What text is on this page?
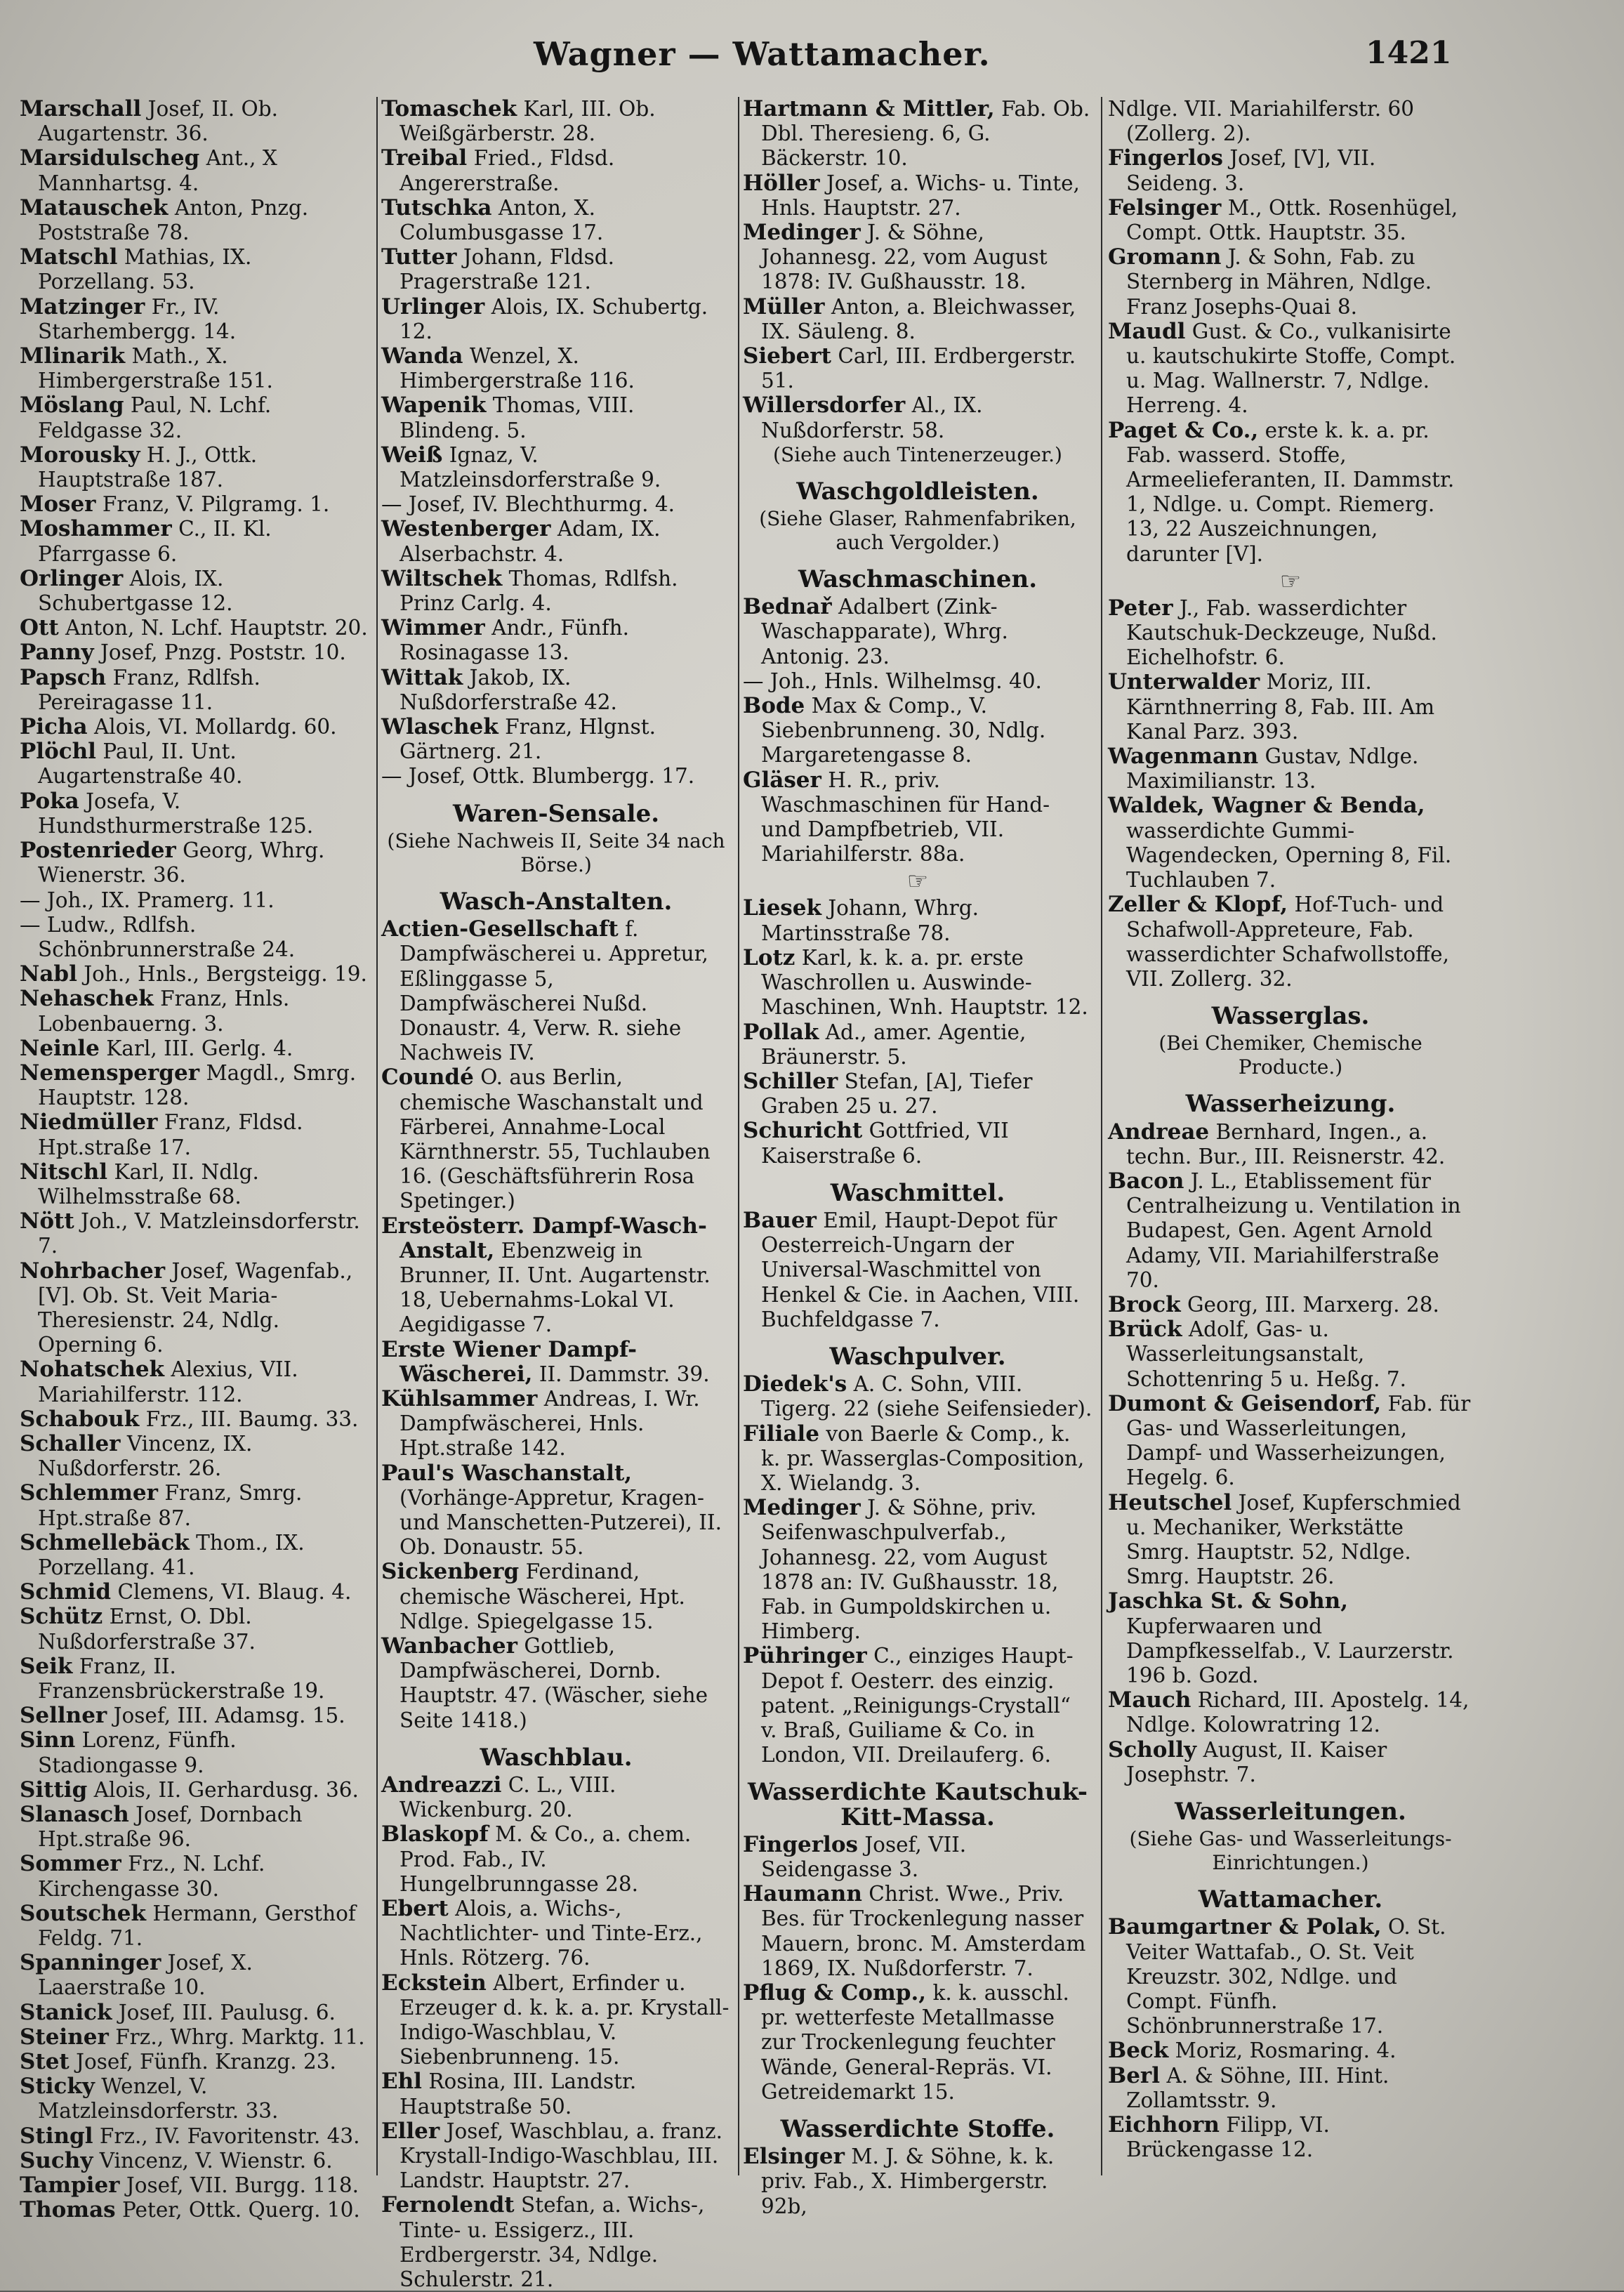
Wagner — Wattamacher.	1421
Marschall Josef, II. Ob. Augartenstr. 36.
Marsidulscheg Ant., X Mannhartsg. 4.
Matauschek Anton, Pnzg. Poststraße 78.
Matschl Mathias, IX. Porzellang. 53.
Matzinger Fr., IV. Starhembergg. 14.
Mlinarik Math., X. Himbergerstraße 151.
Möslang Paul, N. Lchf. Feldgasse 32.
Morousky H. J., Ottk. Hauptstraße 187.
Moser Franz, V. Pilgramg. 1.
Moshammer C., II. Kl. Pfarrgasse 6.
Orlinger Alois, IX. Schubertgasse 12.
Ott Anton, N. Lchf. Hauptstr. 20.
Panny Josef, Pnzg. Poststr. 10.
Papsch Franz, Rdlfsh. Pereiragasse 11.
Picha Alois, VI. Mollardg. 60.
Plöchl Paul, II. Unt. Augartenstraße 40.
Poka Josefa, V. Hundsthurmerstraße 125.
Postenrieder Georg, Whrg. Wienerstr. 36.
— Joh., IX. Pramerg. 11.
— Ludw., Rdlfsh. Schönbrunnerstraße 24.
Nabl Joh., Hnls., Bergsteigg. 19.
Nehaschek Franz, Hnls. Lobenbauerng. 3.
Neinle Karl, III. Gerlg. 4.
Nemensperger Magdl., Smrg. Hauptstr. 128.
Niedmüller Franz, Fldsd. Hpt.straße 17.
Nitschl Karl, II. Ndlg. Wilhelmsstraße 68.
Nött Joh., V. Matzleinsdorferstr. 7.
Nohrbacher Josef, Wagenfab., [V]. Ob. St. Veit Maria-Theresienstr. 24, Ndlg. Operning 6.
Nohatschek Alexius, VII. Mariahilferstr. 112.
Schabouk Frz., III. Baumg. 33.
Schaller Vincenz, IX. Nußdorferstr. 26.
Schlemmer Franz, Smrg. Hpt.straße 87.
Schmellebäck Thom., IX. Porzellang. 41.
Schmid Clemens, VI. Blaug. 4.
Schütz Ernst, O. Dbl. Nußdorferstraße 37.
Seik Franz, II. Franzensbrückerstraße 19.
Sellner Josef, III. Adamsg. 15.
Sinn Lorenz, Fünfh. Stadiongasse 9.
Sittig Alois, II. Gerhardusg. 36.
Slanasch Josef, Dornbach Hpt.straße 96.
Sommer Frz., N. Lchf. Kirchengasse 30.
Soutschek Hermann, Gersthof Feldg. 71.
Spanninger Josef, X. Laaerstraße 10.
Stanick Josef, III. Paulusg. 6.
Steiner Frz., Whrg. Marktg. 11.
Stet Josef, Fünfh. Kranzg. 23.
Sticky Wenzel, V. Matzleinsdorferstr. 33.
Stingl Frz., IV. Favoritenstr. 43.
Suchy Vincenz, V. Wienstr. 6.
Tampier Josef, VII. Burgg. 118.
Thomas Peter, Ottk. Querg. 10.
Tomaschek Karl, III. Ob. Weißgärberstr. 28.
Treibal Fried., Fldsd. Angererstraße.
Tutschka Anton, X. Columbusgasse 17.
Tutter Johann, Fldsd. Pragerstraße 121.
Urlinger Alois, IX. Schubertg. 12.
Wanda Wenzel, X. Himbergerstraße 116.
Wapenik Thomas, VIII. Blindeng. 5.
Weiß Ignaz, V. Matzleinsdorferstraße 9.
— Josef, IV. Blechthurmg. 4.
Westenberger Adam, IX. Alserbachstr. 4.
Wiltschek Thomas, Rdlfsh. Prinz Carlg. 4.
Wimmer Andr., Fünfh. Rosinagasse 13.
Wittak Jakob, IX. Nußdorferstraße 42.
Wlaschek Franz, Hlgnst. Gärtnerg. 21.
— Josef, Ottk. Blumbergg. 17.
Waren-Sensale.
(Siehe Nachweis II, Seite 34 nach Börse.)
Wasch-Anstalten.
Actien-Gesellschaft f. Dampfwäscherei u. Appretur, Eßlinggasse 5, Dampfwäscherei Nußd. Donaustr. 4, Verw. R. siehe Nachweis IV.
Coundé O. aus Berlin, chemische Waschanstalt und Färberei, Annahme-Local Kärnthnerstr. 55, Tuchlauben 16. (Geschäftsführerin Rosa Spetinger.)
Ersteösterr. Dampf-Wasch-Anstalt, Ebenzweig in Brunner, II. Unt. Augartenstr. 18, Uebernahms-Lokal VI. Aegidigasse 7.
Erste Wiener Dampf-Wäscherei, II. Dammstr. 39.
Kühlsammer Andreas, I. Wr. Dampfwäscherei, Hnls. Hpt.straße 142.
Paul's Waschanstalt, (Vorhänge-Appretur, Kragen- und Manschetten-Putzerei), II. Ob. Donaustr. 55.
Sickenberg Ferdinand, chemische Wäscherei, Hpt. Ndlge. Spiegelgasse 15.
Wanbacher Gottlieb, Dampfwäscherei, Dornb. Hauptstr. 47. (Wäscher, siehe Seite 1418.)
Waschblau.
Andreazzi C. L., VIII. Wickenburg. 20.
Blaskopf M. & Co., a. chem. Prod. Fab., IV. Hungelbrunngasse 28.
Ebert Alois, a. Wichs-, Nachtlichter- und Tinte-Erz., Hnls. Rötzerg. 76.
Eckstein Albert, Erfinder u. Erzeuger d. k. k. a. pr. Krystall-Indigo-Waschblau, V. Siebenbrunneng. 15.
Ehl Rosina, III. Landstr. Hauptstraße 50.
Eller Josef, Waschblau, a. franz. Krystall-Indigo-Waschblau, III. Landstr. Hauptstr. 27.
Fernolendt Stefan, a. Wichs-, Tinte- u. Essigerz., III. Erdbergerstr. 34, Ndlge. Schulerstr. 21.
Hartmann & Mittler, Fab. Ob. Dbl. Theresieng. 6, G. Bäckerstr. 10.
Höller Josef, a. Wichs- u. Tinte, Hnls. Hauptstr. 27.
Medinger J. & Söhne, Johannesg. 22, vom August 1878: IV. Gußhausstr. 18.
Müller Anton, a. Bleichwasser, IX. Säuleng. 8.
Siebert Carl, III. Erdbergerstr. 51.
Willersdorfer Al., IX. Nußdorferstr. 58.
(Siehe auch Tintenerzeuger.)
Waschgoldleisten.
(Siehe Glaser, Rahmenfabriken, auch Vergolder.)
Waschmaschinen.
Bednař Adalbert (Zink-Waschapparate), Whrg. Antonig. 23.
— Joh., Hnls. Wilhelmsg. 40.
Bode Max & Comp., V. Siebenbrunneng. 30, Ndlg. Margaretengasse 8.
Gläser H. R., priv. Waschmaschinen für Hand- und Dampfbetrieb, VII. Mariahilferstr. 88a.
☞
Liesek Johann, Whrg. Martinsstraße 78.
Lotz Karl, k. k. a. pr. erste Waschrollen u. Auswinde-Maschinen, Wnh. Hauptstr. 12.
Pollak Ad., amer. Agentie, Bräunerstr. 5.
Schiller Stefan, [A], Tiefer Graben 25 u. 27.
Schuricht Gottfried, VII Kaiserstraße 6.
Waschmittel.
Bauer Emil, Haupt-Depot für Oesterreich-Ungarn der Universal-Waschmittel von Henkel & Cie. in Aachen, VIII. Buchfeldgasse 7.
Waschpulver.
Diedek's A. C. Sohn, VIII. Tigerg. 22 (siehe Seifensieder).
Filiale von Baerle & Comp., k. k. pr. Wasserglas-Composition, X. Wielandg. 3.
Medinger J. & Söhne, priv. Seifenwaschpulverfab., Johannesg. 22, vom August 1878 an: IV. Gußhausstr. 18, Fab. in Gumpoldskirchen u. Himberg.
Pühringer C., einziges Haupt-Depot f. Oesterr. des einzig. patent. „Reinigungs-Crystall“ v. Braß, Guiliame & Co. in London, VII. Dreilauferg. 6.
Wasserdichte Kautschuk-Kitt-Massa.
Fingerlos Josef, VII. Seidengasse 3.
Haumann Christ. Wwe., Priv. Bes. für Trockenlegung nasser Mauern, bronc. M. Amsterdam 1869, IX. Nußdorferstr. 7.
Pflug & Comp., k. k. ausschl. pr. wetterfeste Metallmasse zur Trockenlegung feuchter Wände, General-Repräs. VI. Getreidemarkt 15.
Wasserdichte Stoffe.
Elsinger M. J. & Söhne, k. k. priv. Fab., X. Himbergerstr. 92b,
Ndlge. VII. Mariahilferstr. 60 (Zollerg. 2).
Fingerlos Josef, [V], VII. Seideng. 3.
Felsinger M., Ottk. Rosenhügel, Compt. Ottk. Hauptstr. 35.
Gromann J. & Sohn, Fab. zu Sternberg in Mähren, Ndlge. Franz Josephs-Quai 8.
Maudl Gust. & Co., vulkanisirte u. kautschukirte Stoffe, Compt. u. Mag. Wallnerstr. 7, Ndlge. Herreng. 4.
Paget & Co., erste k. k. a. pr. Fab. wasserd. Stoffe, Armeelieferanten, II. Dammstr. 1, Ndlge. u. Compt. Riemerg. 13, 22 Auszeichnungen, darunter [V].
☞
Peter J., Fab. wasserdichter Kautschuk-Deckzeuge, Nußd. Eichelhofstr. 6.
Unterwalder Moriz, III. Kärnthnerring 8, Fab. III. Am Kanal Parz. 393.
Wagenmann Gustav, Ndlge. Maximilianstr. 13.
Waldek, Wagner & Benda, wasserdichte Gummi-Wagendecken, Operning 8, Fil. Tuchlauben 7.
Zeller & Klopf, Hof-Tuch- und Schafwoll-Appreteure, Fab. wasserdichter Schafwollstoffe, VII. Zollerg. 32.
Wasserglas.
(Bei Chemiker, Chemische Producte.)
Wasserheizung.
Andreae Bernhard, Ingen., a. techn. Bur., III. Reisnerstr. 42.
Bacon J. L., Etablissement für Centralheizung u. Ventilation in Budapest, Gen. Agent Arnold Adamy, VII. Mariahilferstraße 70.
Brock Georg, III. Marxerg. 28.
Brück Adolf, Gas- u. Wasserleitungsanstalt, Schottenring 5 u. Heßg. 7.
Dumont & Geisendorf, Fab. für Gas- und Wasserleitungen, Dampf- und Wasserheizungen, Hegelg. 6.
Heutschel Josef, Kupferschmied u. Mechaniker, Werkstätte Smrg. Hauptstr. 52, Ndlge. Smrg. Hauptstr. 26.
Jaschka St. & Sohn, Kupferwaaren und Dampfkesselfab., V. Laurzerstr. 196 b. Gozd.
Mauch Richard, III. Apostelg. 14, Ndlge. Kolowratring 12.
Scholly August, II. Kaiser Josephstr. 7.
Wasserleitungen.
(Siehe Gas- und Wasserleitungs-Einrichtungen.)
Wattamacher.
Baumgartner & Polak, O. St. Veiter Wattafab., O. St. Veit Kreuzstr. 302, Ndlge. und Compt. Fünfh. Schönbrunnerstraße 17.
Beck Moriz, Rosmaring. 4.
Berl A. & Söhne, III. Hint. Zollamtsstr. 9.
Eichhorn Filipp, VI. Brückengasse 12.
